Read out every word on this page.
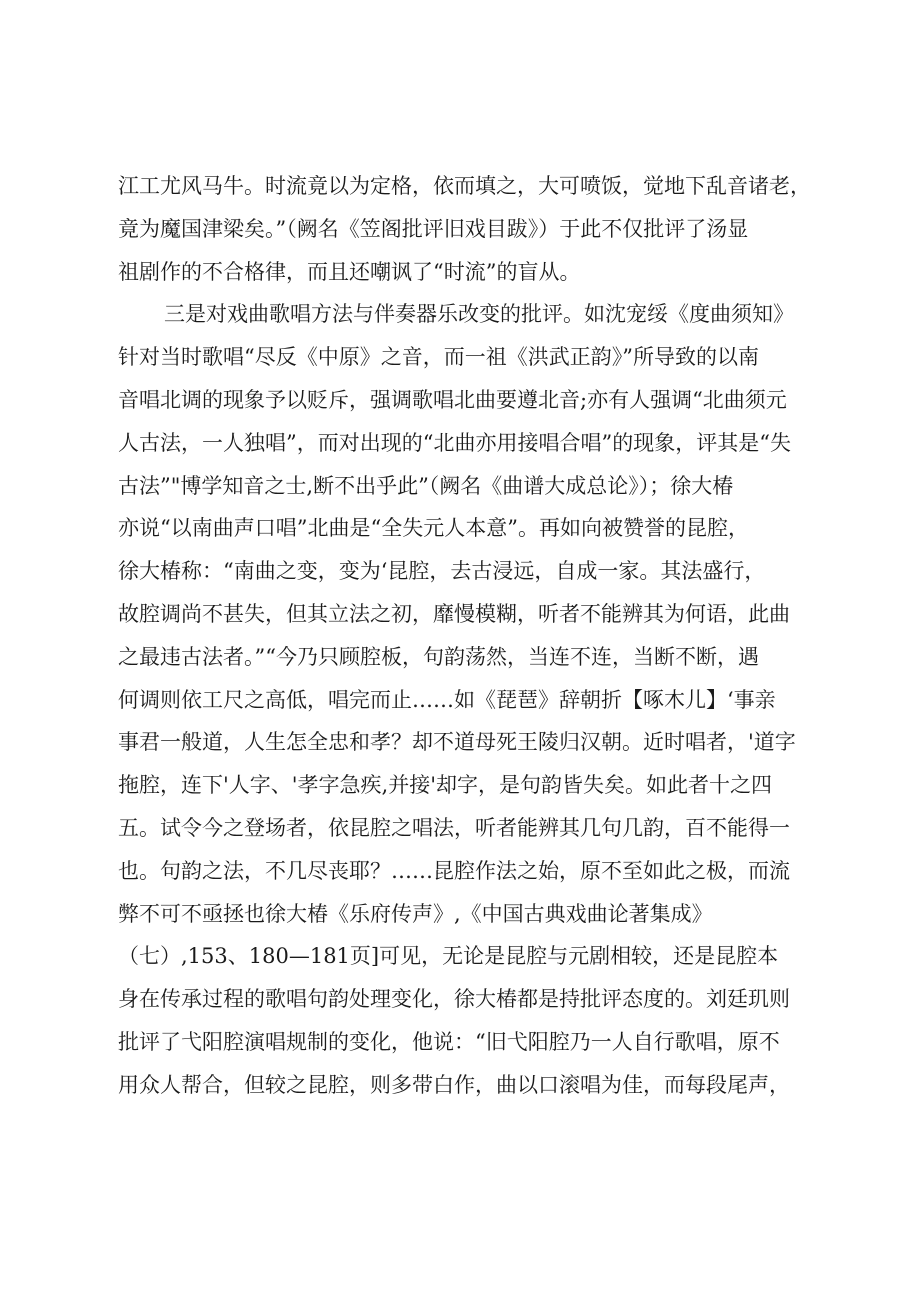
江工尤风马牛。时流竟以为定格，依而填之，大可喷饭，觉地下乱音诸老，
竟为魔国津梁矣。”（阙名《笠阁批评旧戏目跋》）于此不仅批评了汤显
祖剧作的不合格律，而且还嘲讽了“时流”的盲从。
三是对戏曲歌唱方法与伴奏器乐改变的批评。如沈宠绥《度曲须知》
针对当时歌唱“尽反《中原》之音，而一祖《洪武正韵》”所导致的以南
音唱北调的现象予以贬斥，强调歌唱北曲要遵北音;亦有人强调“北曲须元
人古法，一人独唱”，而对出现的“北曲亦用接唱合唱”的现象，评其是“失
古法”"博学知音之士,断不出乎此”（阙名《曲谱大成总论》）；徐大椿
亦说“以南曲声口唱”北曲是“全失元人本意”。再如向被赞誉的昆腔，
徐大椿称：“南曲之变，变为‘昆腔，去古浸远，自成一家。其法盛行，
故腔调尚不甚失，但其立法之初，靡慢模糊，听者不能辨其为何语，此曲
之最违古法者。”“今乃只顾腔板，句韵荡然，当连不连，当断不断，遇
何调则依工尺之高低，唱完而止……如《琵琶》辞朝折【啄木儿】‘事亲
事君一般道，人生怎全忠和孝？却不道母死王陵归汉朝。近时唱者，'道字
拖腔，连下'人字、'孝字急疾,并接'却字，是句韵皆失矣。如此者十之四
五。试令今之登场者，依昆腔之唱法，听者能辨其几句几韵，百不能得一
也。句韵之法，不几尽丧耶？……昆腔作法之始，原不至如此之极，而流
弊不可不亟拯也徐大椿《乐府传声》,《中国古典戏曲论著集成》
（七）,153、180—181页]可见，无论是昆腔与元剧相较，还是昆腔本
身在传承过程的歌唱句韵处理变化，徐大椿都是持批评态度的。刘廷玑则
批评了弋阳腔演唱规制的变化，他说：“旧弋阳腔乃一人自行歌唱，原不
用众人帮合，但较之昆腔，则多带白作，曲以口滚唱为佳，而每段尾声，
